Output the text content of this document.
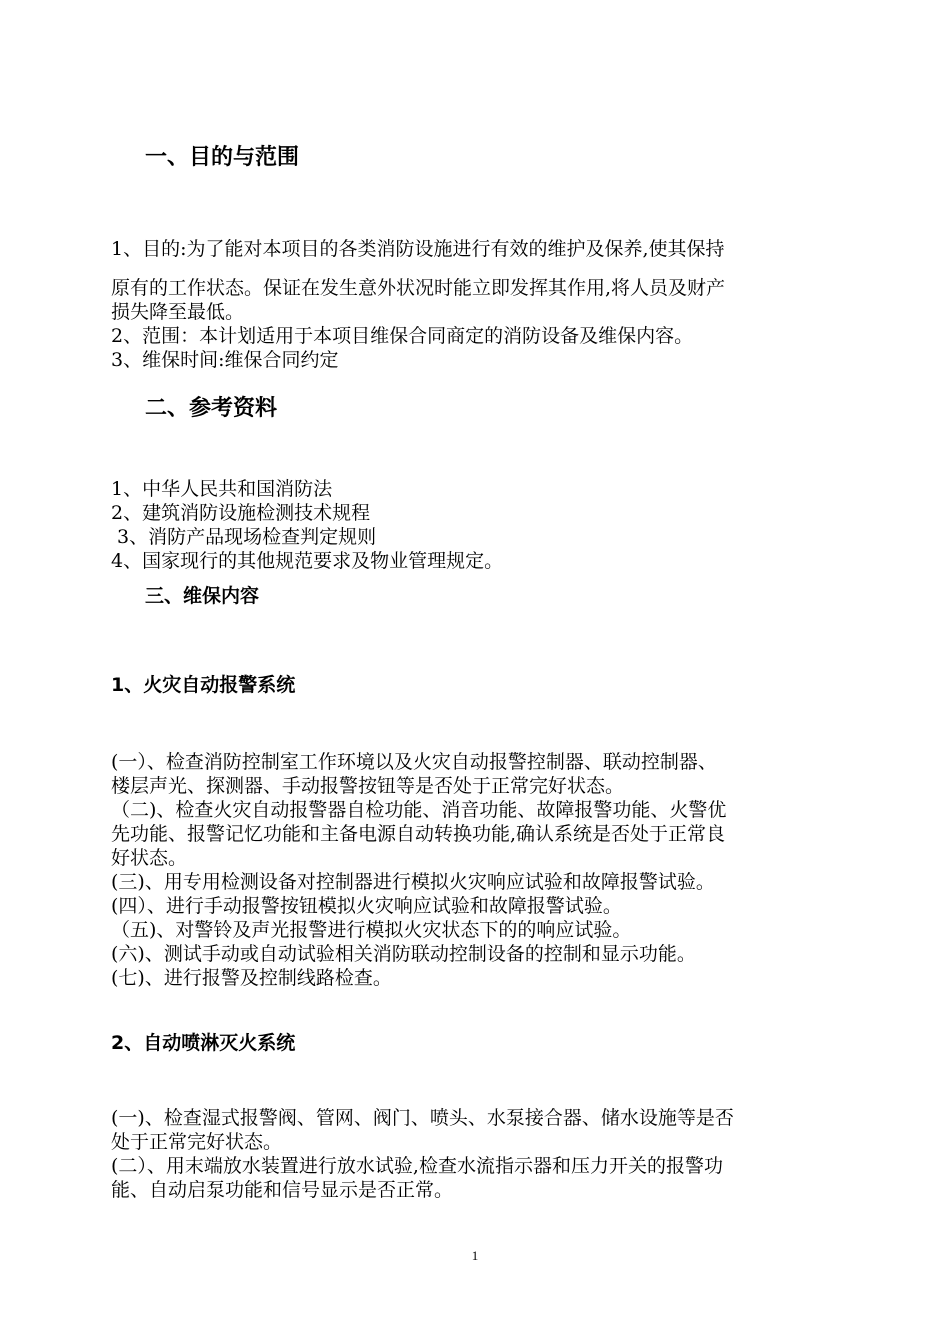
一、目的与范围
1、目的:为了能对本项目的各类消防设施进行有效的维护及保养,使其保持
原有的工作状态。保证在发生意外状况时能立即发挥其作用,将人员及财产
损失降至最低。
2、范围：本计划适用于本项目维保合同商定的消防设备及维保内容。
3、维保时间:维保合同约定
二、参考资料
1、中华人民共和国消防法
2、建筑消防设施检测技术规程
3、消防产品现场检查判定规则
4、国家现行的其他规范要求及物业管理规定。
三、维保内容
1、火灾自动报警系统
(一）、检查消防控制室工作环境以及火灾自动报警控制器、联动控制器、
楼层声光、探测器、手动报警按钮等是否处于正常完好状态。
（二)、检查火灾自动报警器自检功能、消音功能、故障报警功能、火警优
先功能、报警记忆功能和主备电源自动转换功能,确认系统是否处于正常良
好状态。
(三)、用专用检测设备对控制器进行模拟火灾响应试验和故障报警试验。
(四）、进行手动报警按钮模拟火灾响应试验和故障报警试验。
（五)、对警铃及声光报警进行模拟火灾状态下的的响应试验。
(六)、测试手动或自动试验相关消防联动控制设备的控制和显示功能。
(七)、进行报警及控制线路检查。
2、自动喷淋灭火系统
(一)、检查湿式报警阀、管网、阀门、喷头、水泵接合器、储水设施等是否
处于正常完好状态。
(二）、用末端放水装置进行放水试验,检查水流指示器和压力开关的报警功
能、自动启泵功能和信号显示是否正常。
1
